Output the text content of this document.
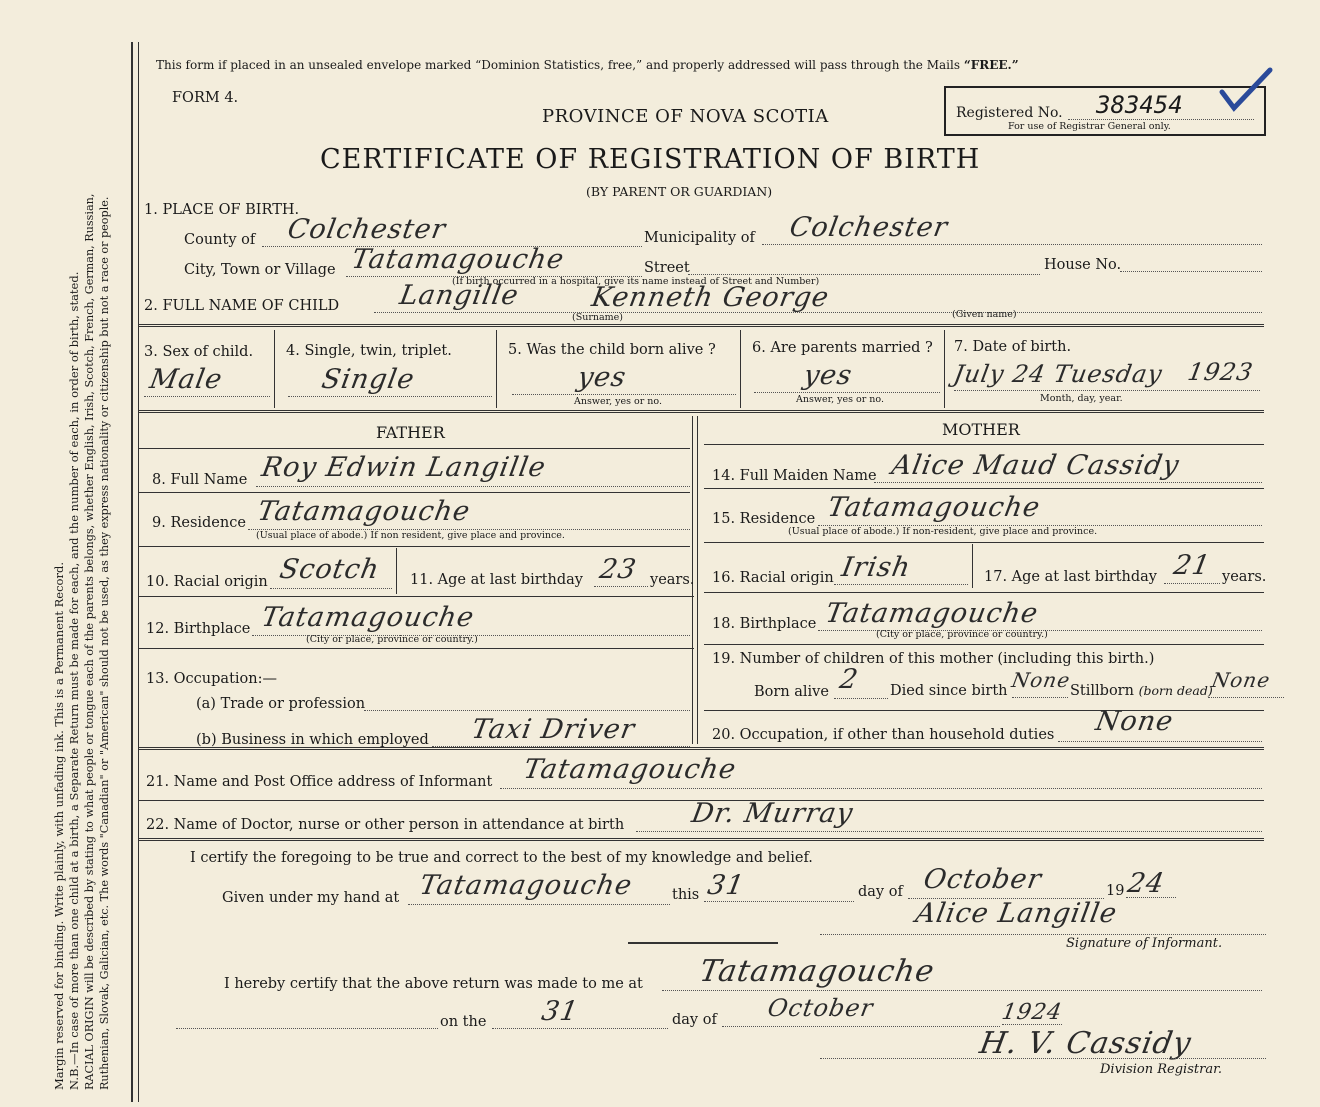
Margin reserved for binding. Write plainly, with unfading ink. This is a Permanent Record. N.B.—In case of more than one child at a birth, a Separate Return must be made for each, and the number of each, in order of birth, stated. RACIAL ORIGIN will be described by stating to what people or tongue each of the parents belongs, whether English, Irish, Scotch, French, German, Russian, Ruthenian, Slovak, Galician, etc. The words "Canadian" or "American" should not be used, as they express nationality or citizenship but not a race or people.
This form if placed in an unsealed envelope marked “Dominion Statistics, free,” and properly addressed will pass through the Mails “FREE.”
FORM 4.
PROVINCE OF NOVA SCOTIA
CERTIFICATE OF REGISTRATION OF BIRTH
(BY PARENT OR GUARDIAN)
Registered No. 383454
For use of Registrar General only.
1. PLACE OF BIRTH.
County of Colchester	Municipality of Colchester
City, Town or Village Tatamagouche	Street	House No.
(If birth occurred in a hospital, give its name instead of Street and Number)
2. FULL NAME OF CHILD Langille	Kenneth George
(Surname)	(Given name)
3. Sex of child.
Male
4. Single, twin, triplet.
Single
5. Was the child born alive ?
yes
Answer, yes or no.
6. Are parents married ?
yes
Answer, yes or no.
7. Date of birth.
July 24 Tuesday 1923
Month, day, year.
FATHER
8. Full Name Roy Edwin Langille
9. Residence Tatamagouche
(Usual place of abode.) If non resident, give place and province.
10. Racial origin Scotch 11. Age at last birthday 23 years.
12. Birthplace Tatamagouche
(City or place, province or country.)
13. Occupation:—
(a) Trade or profession
(b) Business in which employed Taxi Driver
MOTHER
14. Full Maiden Name Alice Maud Cassidy
15. Residence Tatamagouche
(Usual place of abode.) If non-resident, give place and province.
16. Racial origin Irish	17. Age at last birthday 21 years.
18. Birthplace Tatamagouche
(City or place, province or country.)
19. Number of children of this mother (including this birth.)
Born alive 2 Died since birth None
Stillborn (born dead)
None
20. Occupation, if other than household duties None
21. Name and Post Office address of Informant Tatamagouche
22. Name of Doctor, nurse or other person in attendance at birth Dr. Murray
I certify the foregoing to be true and correct to the best of my knowledge and belief.
Given under my hand at Tatamagouche	this 31	day of October	19 24
Alice Langille
Signature of Informant.
I hereby certify that the above return was made to me at Tatamagouche
on the 31	day of October	1924
H. V. Cassidy
Division Registrar.
